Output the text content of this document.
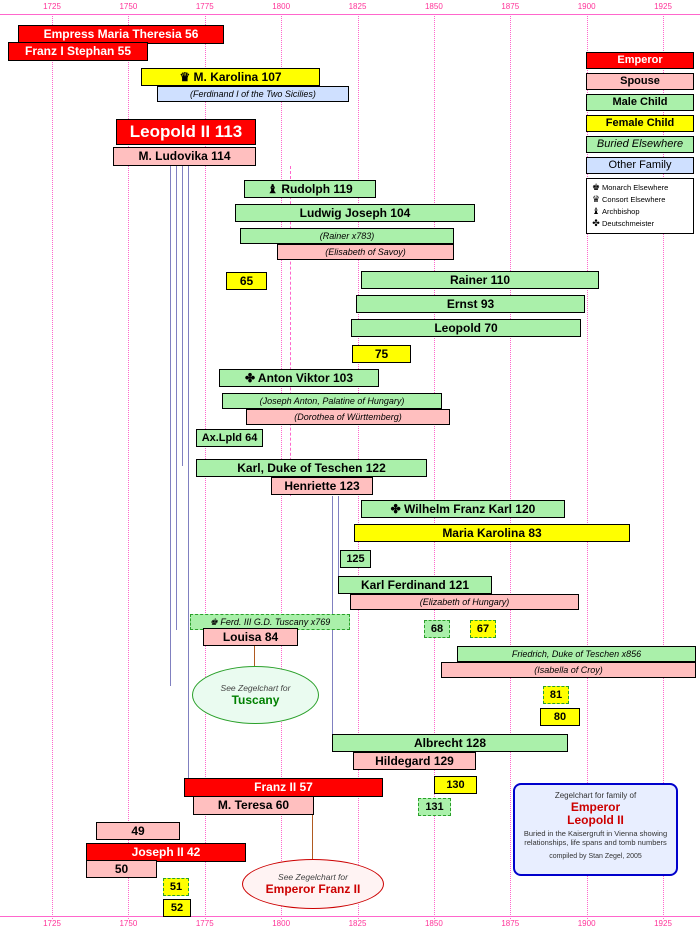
1725	1750	1775	1800	1825	1850	1875	1900	1925
1725	1750	1775	1800	1825	1850	1875	1900	1925
Empress Maria Theresia 56
Franz I Stephan 55
♛ M. Karolina 107
(Ferdinand I of the Two Sicilies)
Leopold II 113
M. Ludovika 114
♝ Rudolph 119
Ludwig Joseph 104
(Rainer x783)
(Elisabeth of Savoy)
65	Rainer 110
Ernst 93
Leopold 70
75
✤ Anton Viktor 103
(Joseph Anton, Palatine of Hungary)
(Dorothea of Württemberg)
Ax.Lpld 64
Karl, Duke of Teschen 122
Henriette 123
✤ Wilhelm Franz Karl 120
Maria Karolina 83
125
Karl Ferdinand 121
(Elizabeth of Hungary)
♚ Ferd. III G.D. Tuscany x769
68	67
Louisa 84
Friedrich, Duke of Teschen x856
(Isabella of Croy)
81
80
Albrecht 128
Hildegard 129
130
Franz II 57
M. Teresa 60	131
49
Joseph II 42
50
51
52
See Zegelchart for
Tuscany
See Zegelchart for
Emperor Franz II
Emperor
Spouse
Male Child
Female Child
Buried Elsewhere
Other Family
♚ Monarch Elsewhere
♛ Consort Elsewhere
♝ Archbishop
✤ Deutschmeister
Zegelchart for family of
Emperor
Leopold II
Buried in the Kaisergruft in Vienna showing relationships, life spans and tomb numbers
compiled by Stan Zegel, 2005
